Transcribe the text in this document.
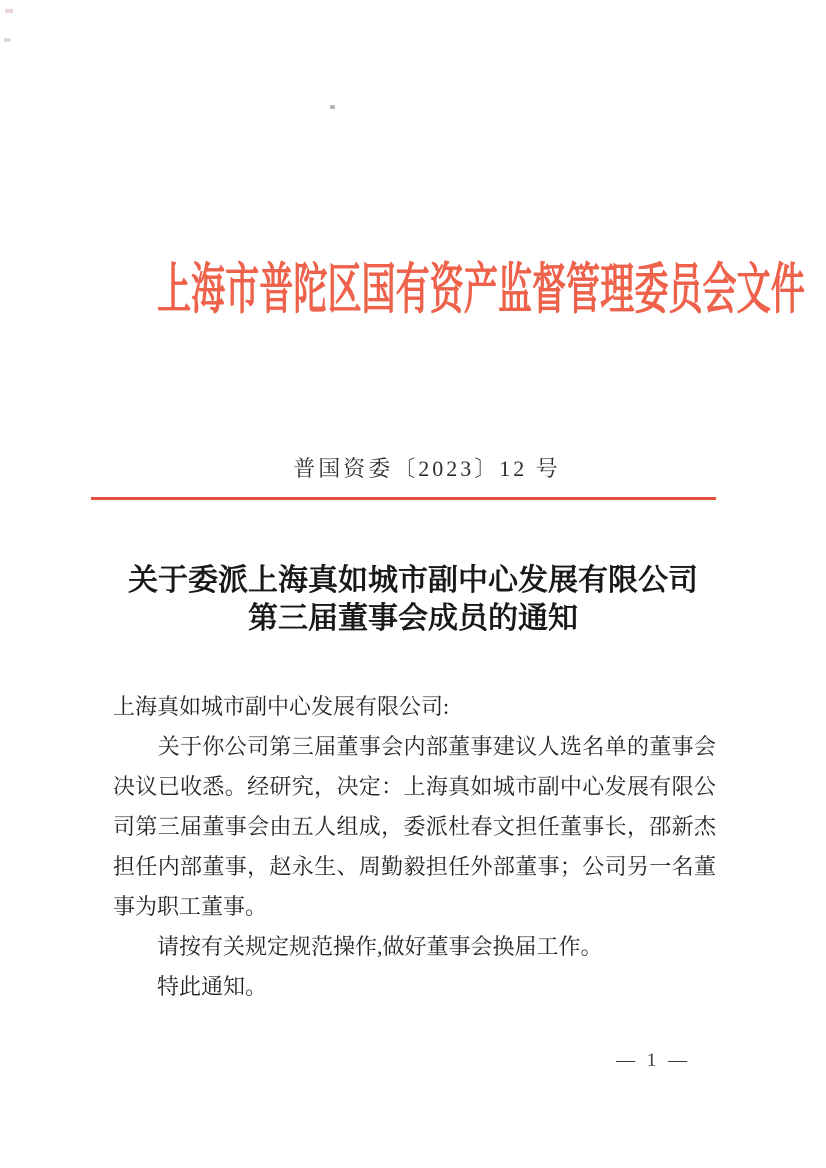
上海市普陀区国有资产监督管理委员会文件
普国资委〔2023〕12 号
关于委派上海真如城市副中心发展有限公司
第三届董事会成员的通知
上海真如城市副中心发展有限公司:
　　关于你公司第三届董事会内部董事建议人选名单的董事会
决议已收悉。经研究，决定：上海真如城市副中心发展有限公
司第三届董事会由五人组成，委派杜春文担任董事长，邵新杰
担任内部董事，赵永生、周勤毅担任外部董事；公司另一名董
事为职工董事。
　　请按有关规定规范操作,做好董事会换届工作。
　　特此通知。
— 1 —
